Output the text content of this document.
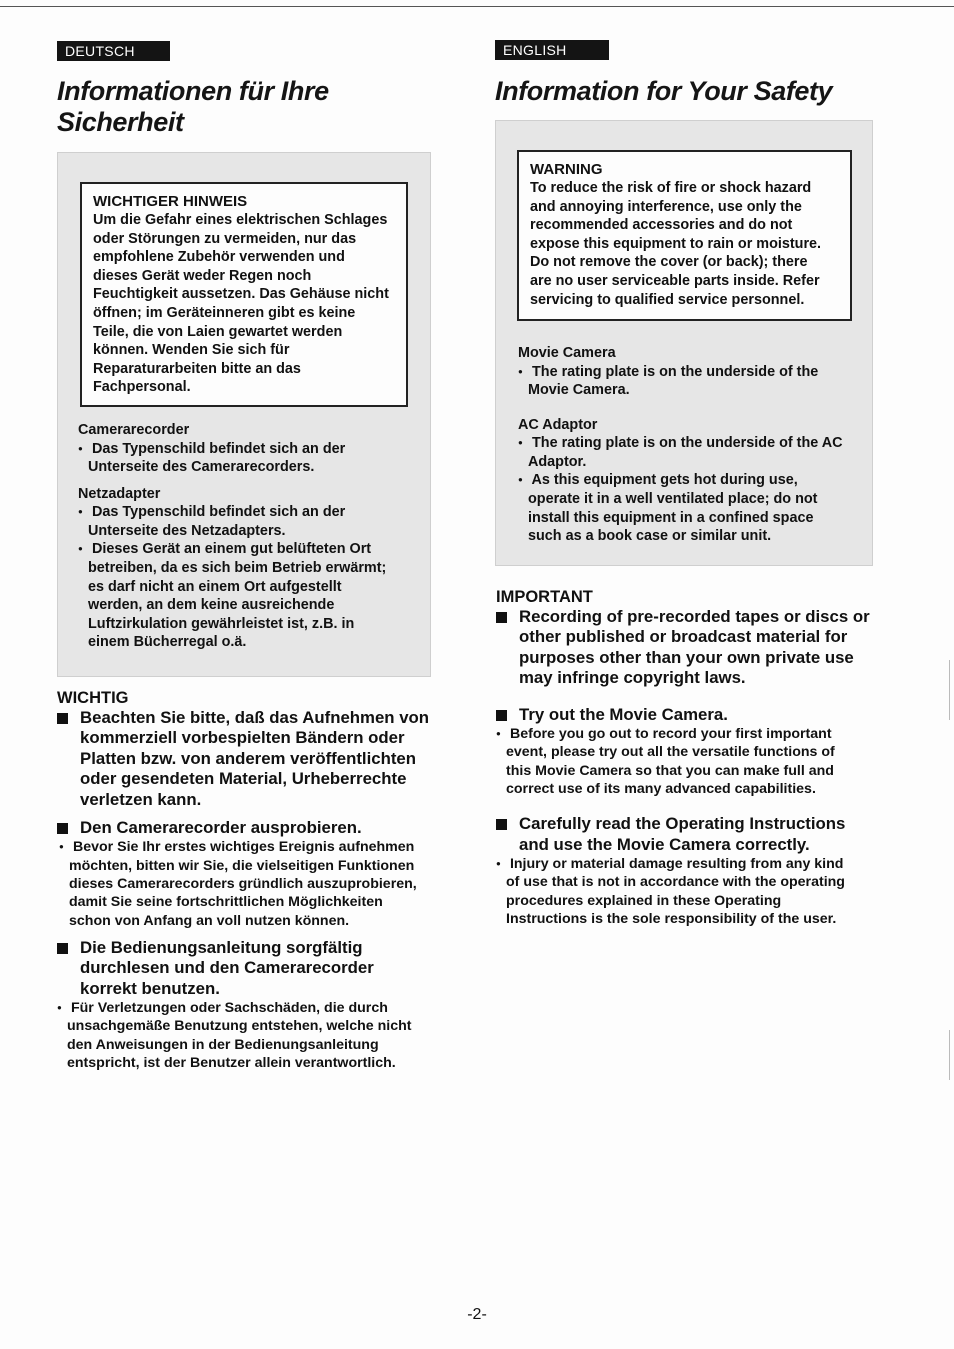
DEUTSCH
Informationen für Ihre
Sicherheit
WICHTIGER HINWEIS
Um die Gefahr eines elektrischen Schlages
oder Störungen zu vermeiden, nur das
empfohlene Zubehör verwenden und
dieses Gerät weder Regen noch
Feuchtigkeit aussetzen. Das Gehäuse nicht
öffnen; im Geräteinneren gibt es keine
Teile, die von Laien gewartet werden
können. Wenden Sie sich für
Reparaturarbeiten bitte an das
Fachpersonal.
Camerarecorder
● Das Typenschild befindet sich an der
Unterseite des Camerarecorders.
Netzadapter
● Das Typenschild befindet sich an der
Unterseite des Netzadapters.
● Dieses Gerät an einem gut belüfteten Ort
betreiben, da es sich beim Betrieb erwärmt;
es darf nicht an einem Ort aufgestellt
werden, an dem keine ausreichende
Luftzirkulation gewährleistet ist, z.B. in
einem Bücherregal o.ä.
WICHTIG
Beachten Sie bitte, daß das Aufnehmen von
kommerziell vorbespielten Bändern oder
Platten bzw. von anderem veröffentlichten
oder gesendeten Material, Urheberrechte
verletzen kann.
Den Camerarecorder ausprobieren.
● Bevor Sie Ihr erstes wichtiges Ereignis aufnehmen
möchten, bitten wir Sie, die vielseitigen Funktionen
dieses Camerarecorders gründlich auszuprobieren,
damit Sie seine fortschrittlichen Möglichkeiten
schon von Anfang an voll nutzen können.
Die Bedienungsanleitung sorgfältig
durchlesen und den Camerarecorder
korrekt benutzen.
● Für Verletzungen oder Sachschäden, die durch
unsachgemäße Benutzung entstehen, welche nicht
den Anweisungen in der Bedienungsanleitung
entspricht, ist der Benutzer allein verantwortlich.
ENGLISH
Information for Your Safety
WARNING
To reduce the risk of fire or shock hazard
and annoying interference, use only the
recommended accessories and do not
expose this equipment to rain or moisture.
Do not remove the cover (or back); there
are no user serviceable parts inside. Refer
servicing to qualified service personnel.
Movie Camera
● The rating plate is on the underside of the
Movie Camera.
AC Adaptor
● The rating plate is on the underside of the AC
Adaptor.
● As this equipment gets hot during use,
operate it in a well ventilated place; do not
install this equipment in a confined space
such as a book case or similar unit.
IMPORTANT
Recording of pre-recorded tapes or discs or
other published or broadcast material for
purposes other than your own private use
may infringe copyright laws.
Try out the Movie Camera.
● Before you go out to record your first important
event, please try out all the versatile functions of
this Movie Camera so that you can make full and
correct use of its many advanced capabilities.
Carefully read the Operating Instructions
and use the Movie Camera correctly.
● Injury or material damage resulting from any kind
of use that is not in accordance with the operating
procedures explained in these Operating
Instructions is the sole responsibility of the user.
-2-
